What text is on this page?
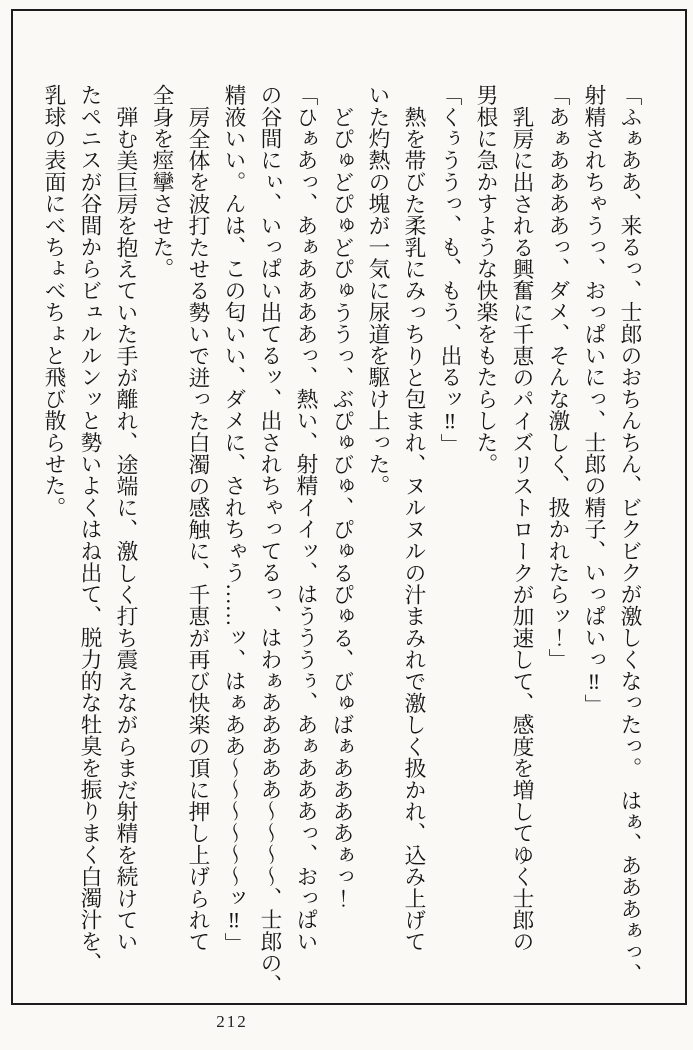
「ふぁああ、来るっ、士郎のおちんちん、ビクビクが激しくなったっ。　はぁ、あああぁっ、
射精されちゃうっ、おっぱいにっ、士郎の精子、いっぱいっ‼」
「あぁああああっ、ダメ、そんな激しく、扱かれたらッ！」
乳房に出される興奮に千恵のパイズリストロークが加速して、感度を増してゆく士郎の
男根に急かすような快楽をもたらした。
「くぅううっ、も、もう、出るッ‼」
熱を帯びた柔乳にみっちりと包まれ、ヌルヌルの汁まみれで激しく扱かれ、込み上げて
いた灼熱の塊が一気に尿道を駆け上った。
どぴゅどぴゅどぴゅううっ、ぶぴゅびゅ、ぴゅるぴゅる、びゅばぁああああぁっ！
「ひぁあっ、あぁああああっ、熱い、射精イイッ、はうううぅ、あぁあああっ、おっぱい
の谷間にぃ、いっぱい出てるッ、出されちゃってるっ、はわぁあああああ～～～～、士郎の、
精液いい。んは、この匂いい、ダメに、されちゃう……ッ、はぁああ～～～～～～ッ‼」
房全体を波打たせる勢いで迸った白濁の感触に、千恵が再び快楽の頂に押し上げられて
全身を痙攣させた。
弾む美巨房を抱えていた手が離れ、途端に、激しく打ち震えながらまだ射精を続けてい
たペニスが谷間からビュルルンッと勢いよくはね出て、脱力的な牡臭を振りまく白濁汁を、
乳球の表面にべちょべちょと飛び散らせた。
212
